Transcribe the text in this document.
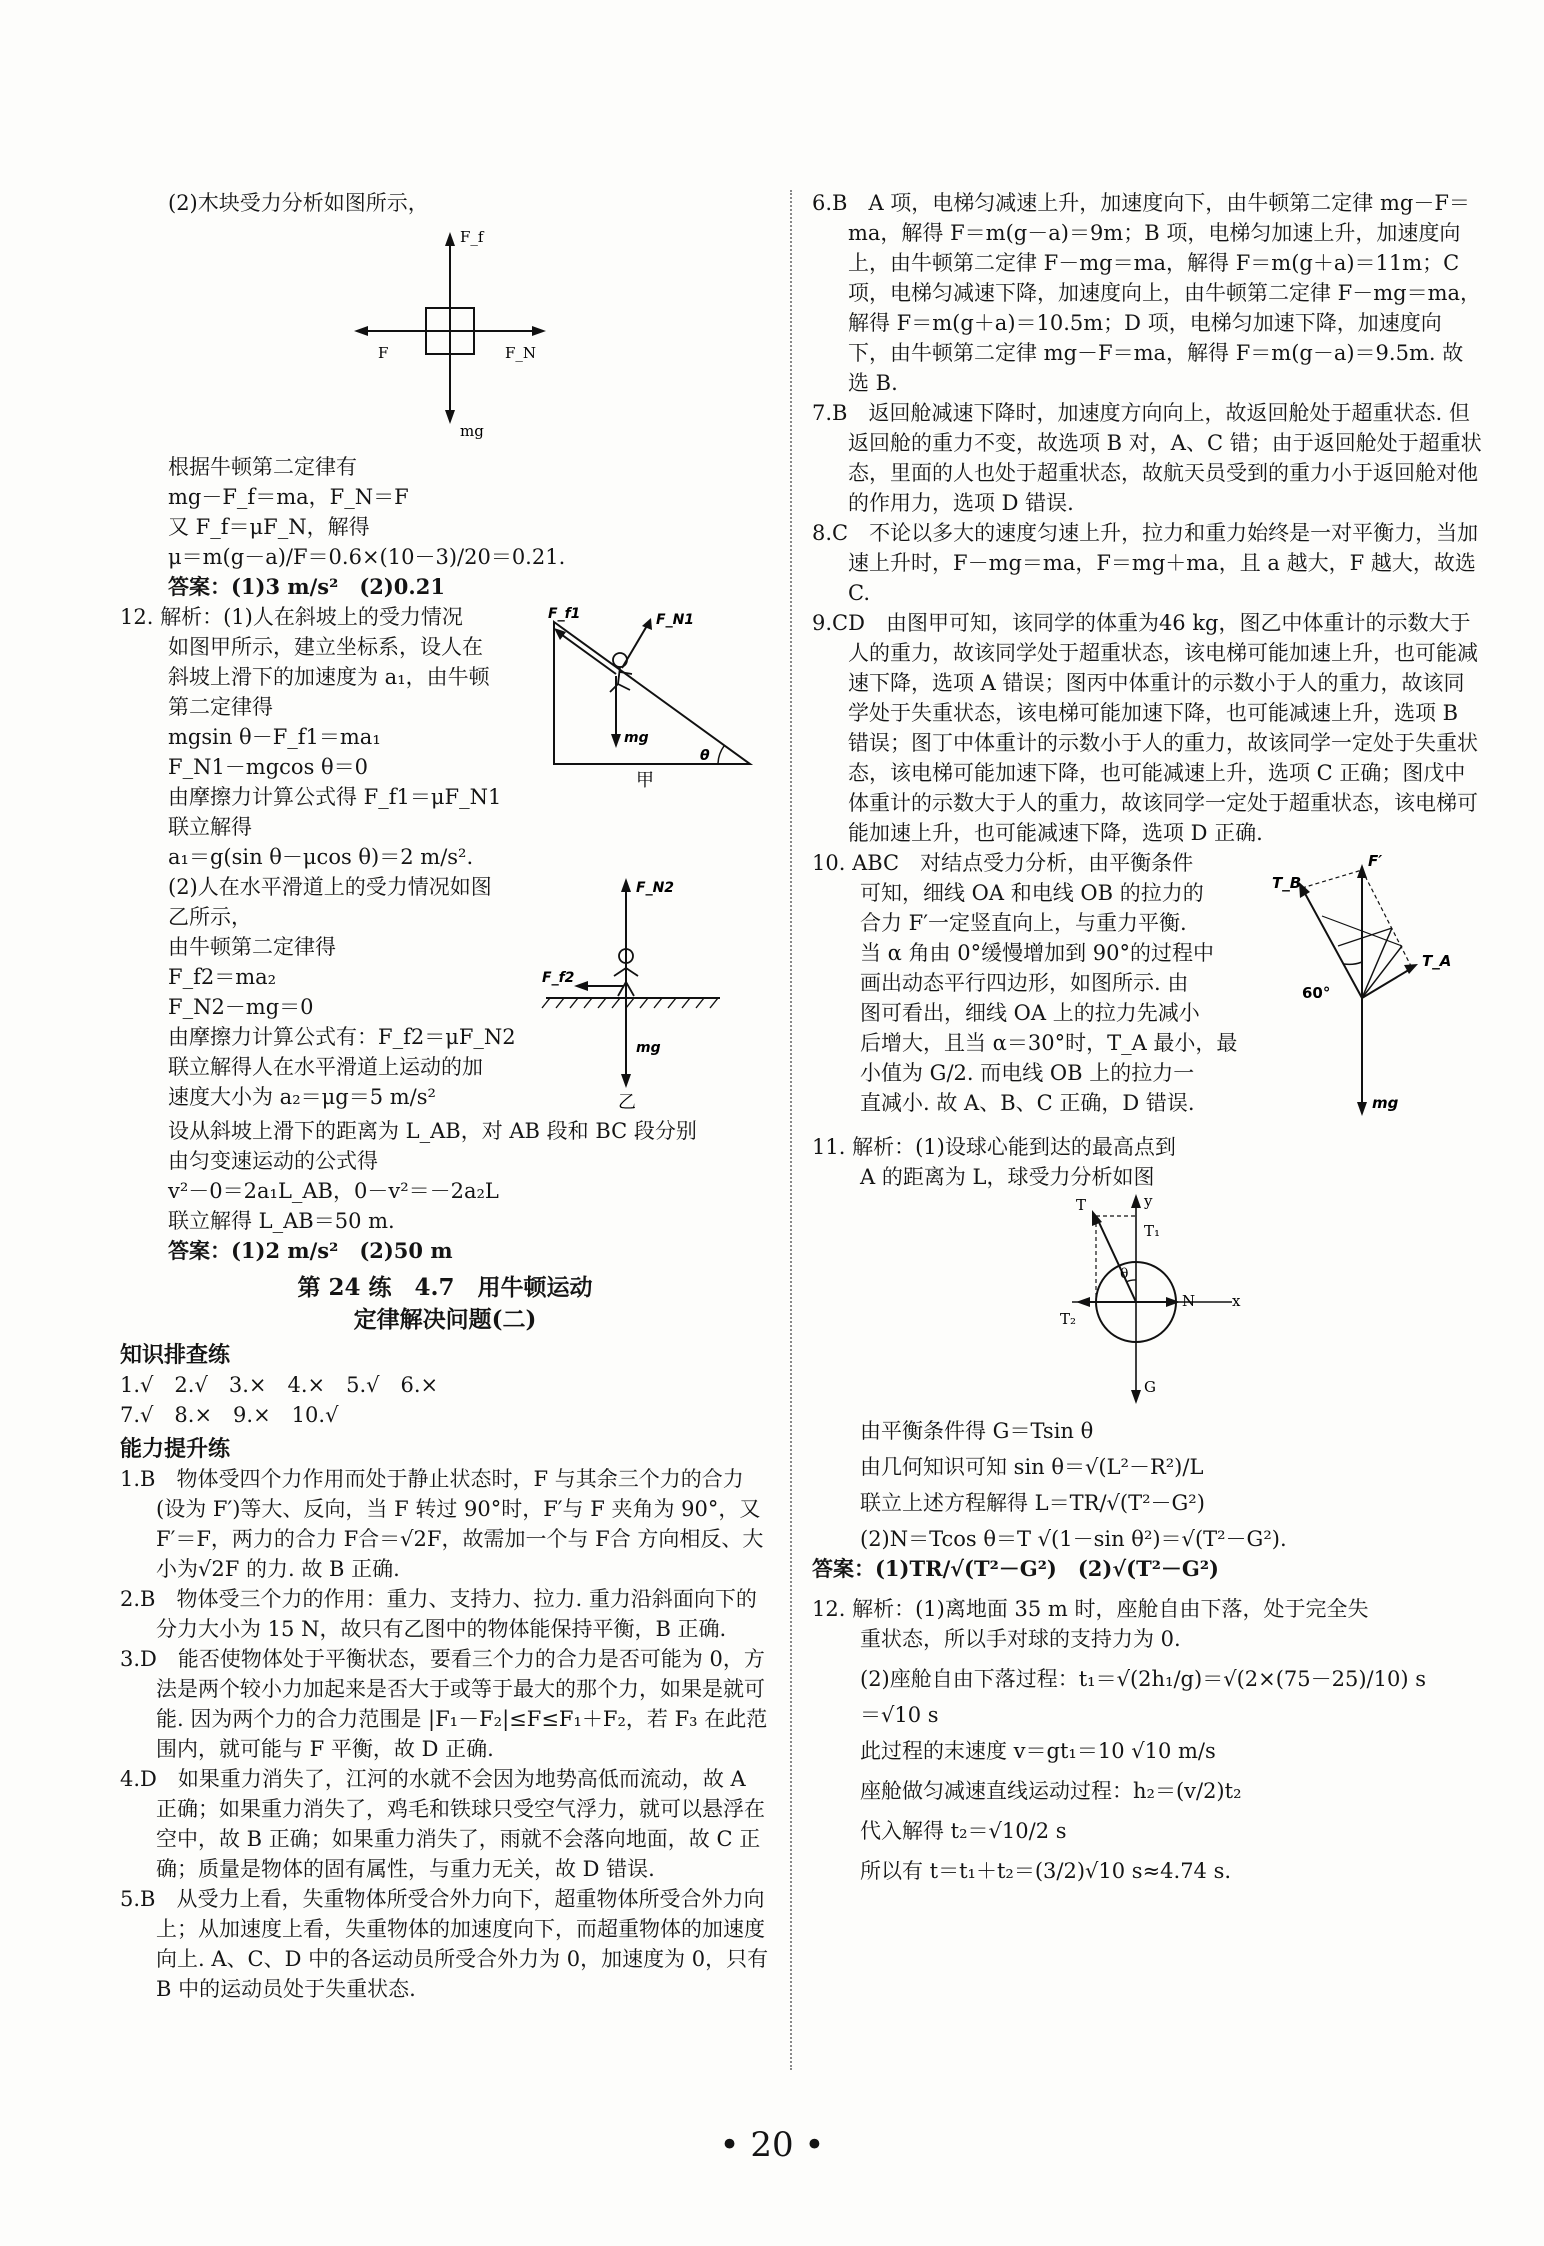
(2)木块受力分析如图所示，

F_f
F	F_N
mg

根据牛顿第二定律有

mg－F_f＝ma，F_N＝F

又 F_f＝μF_N，解得

μ＝m(g－a)/F＝0.6×(10－3)/20＝0.21.

答案：(1)3 m/s²　(2)0.21

12. 解析：(1)人在斜坡上的受力情况

如图甲所示，建立坐标系，设人在

斜坡上滑下的加速度为 a₁，由牛顿

第二定律得

mgsin θ－F_f1＝ma₁

F_N1－mgcos θ＝0

由摩擦力计算公式得 F_f1＝μF_N1

联立解得

a₁＝g(sin θ－μcos θ)＝2 m/s².

F_f1	F_N1
mg
θ
甲

(2)人在水平滑道上的受力情况如图

乙所示，

由牛顿第二定律得

F_f2＝ma₂

F_N2－mg＝0

由摩擦力计算公式有：F_f2＝μF_N2

联立解得人在水平滑道上运动的加

速度大小为 a₂＝μg＝5 m/s²

F_N2
F_f2
mg
乙

设从斜坡上滑下的距离为 L_AB，对 AB 段和 BC 段分别

由匀变速运动的公式得

v²－0＝2a₁L_AB，0－v²＝－2a₂L

联立解得 L_AB＝50 m.

答案：(1)2 m/s²　(2)50 m

第 24 练　4.7　用牛顿运动
定律解决问题(二)

知识排查练

1.√　2.√　3.×　4.×　5.√　6.×

7.√　8.×　9.×　10.√

能力提升练

1.B　物体受四个力作用而处于静止状态时，F 与其余三个力的合力(设为 F′)等大、反向，当 F 转过 90°时，F′与 F 夹角为 90°，又 F′＝F，两力的合力 F合＝√2F，故需加一个与 F合 方向相反、大小为√2F 的力. 故 B 正确.

2.B　物体受三个力的作用：重力、支持力、拉力. 重力沿斜面向下的分力大小为 15 N，故只有乙图中的物体能保持平衡，B 正确.

3.D　能否使物体处于平衡状态，要看三个力的合力是否可能为 0，方法是两个较小力加起来是否大于或等于最大的那个力，如果是就可能. 因为两个力的合力范围是 |F₁－F₂|≤F≤F₁＋F₂，若 F₃ 在此范围内，就可能与 F 平衡，故 D 正确.

4.D　如果重力消失了，江河的水就不会因为地势高低而流动，故 A 正确；如果重力消失了，鸡毛和铁球只受空气浮力，就可以悬浮在空中，故 B 正确；如果重力消失了，雨就不会落向地面，故 C 正确；质量是物体的固有属性，与重力无关，故 D 错误.

5.B　从受力上看，失重物体所受合外力向下，超重物体所受合外力向上；从加速度上看，失重物体的加速度向下，而超重物体的加速度向上. A、C、D 中的各运动员所受合外力为 0，加速度为 0，只有 B 中的运动员处于失重状态.

6.B　A 项，电梯匀减速上升，加速度向下，由牛顿第二定律 mg－F＝ma，解得 F＝m(g－a)＝9m；B 项，电梯匀加速上升，加速度向上，由牛顿第二定律 F－mg＝ma，解得 F＝m(g＋a)＝11m；C 项，电梯匀减速下降，加速度向上，由牛顿第二定律 F－mg＝ma，解得 F＝m(g＋a)＝10.5m；D 项，电梯匀加速下降，加速度向下，由牛顿第二定律 mg－F＝ma，解得 F＝m(g－a)＝9.5m. 故选 B.

7.B　返回舱减速下降时，加速度方向向上，故返回舱处于超重状态. 但返回舱的重力不变，故选项 B 对，A、C 错；由于返回舱处于超重状态，里面的人也处于超重状态，故航天员受到的重力小于返回舱对他的作用力，选项 D 错误.

8.C　不论以多大的速度匀速上升，拉力和重力始终是一对平衡力，当加速上升时，F－mg＝ma，F＝mg＋ma，且 a 越大，F 越大，故选 C.

9.CD　由图甲可知，该同学的体重为46 kg，图乙中体重计的示数大于人的重力，故该同学处于超重状态，该电梯可能加速上升，也可能减速下降，选项 A 错误；图丙中体重计的示数小于人的重力，故该同学处于失重状态，该电梯可能加速下降，也可能减速上升，选项 B 错误；图丁中体重计的示数小于人的重力，故该同学一定处于失重状态，该电梯可能加速下降，也可能减速上升，选项 C 正确；图戊中体重计的示数大于人的重力，故该同学一定处于超重状态，该电梯可能加速上升，也可能减速下降，选项 D 正确.

10. ABC　对结点受力分析，由平衡条件

可知，细线 OA 和电线 OB 的拉力的

合力 F′一定竖直向上，与重力平衡.

当 α 角由 0°缓慢增加到 90°的过程中

画出动态平行四边形，如图所示. 由

图可看出，细线 OA 上的拉力先减小

后增大，且当 α＝30°时，T_A 最小，最

小值为 G/2. 而电线 OB 上的拉力一

直减小. 故 A、B、C 正确，D 错误.

F′
T_B
T_A
60°
mg

11. 解析：(1)设球心能到达的最高点到

A 的距离为 L，球受力分析如图

T	y
T₁
θ
T₂
N x
G

由平衡条件得 G＝Tsin θ

由几何知识可知 sin θ＝√(L²－R²)/L

联立上述方程解得 L＝TR/√(T²－G²)

(2)N＝Tcos θ＝T √(1－sin θ²)＝√(T²－G²).

答案：(1)TR/√(T²－G²)　(2)√(T²－G²)

12. 解析：(1)离地面 35 m 时，座舱自由下落，处于完全失

重状态，所以手对球的支持力为 0.

(2)座舱自由下落过程：t₁＝√(2h₁/g)＝√(2×(75－25)/10) s

＝√10 s

此过程的末速度 v＝gt₁＝10 √10 m/s

座舱做匀减速直线运动过程：h₂＝(v/2)t₂

代入解得 t₂＝√10/2 s

所以有 t＝t₁＋t₂＝(3/2)√10 s≈4.74 s.

• 20 •
